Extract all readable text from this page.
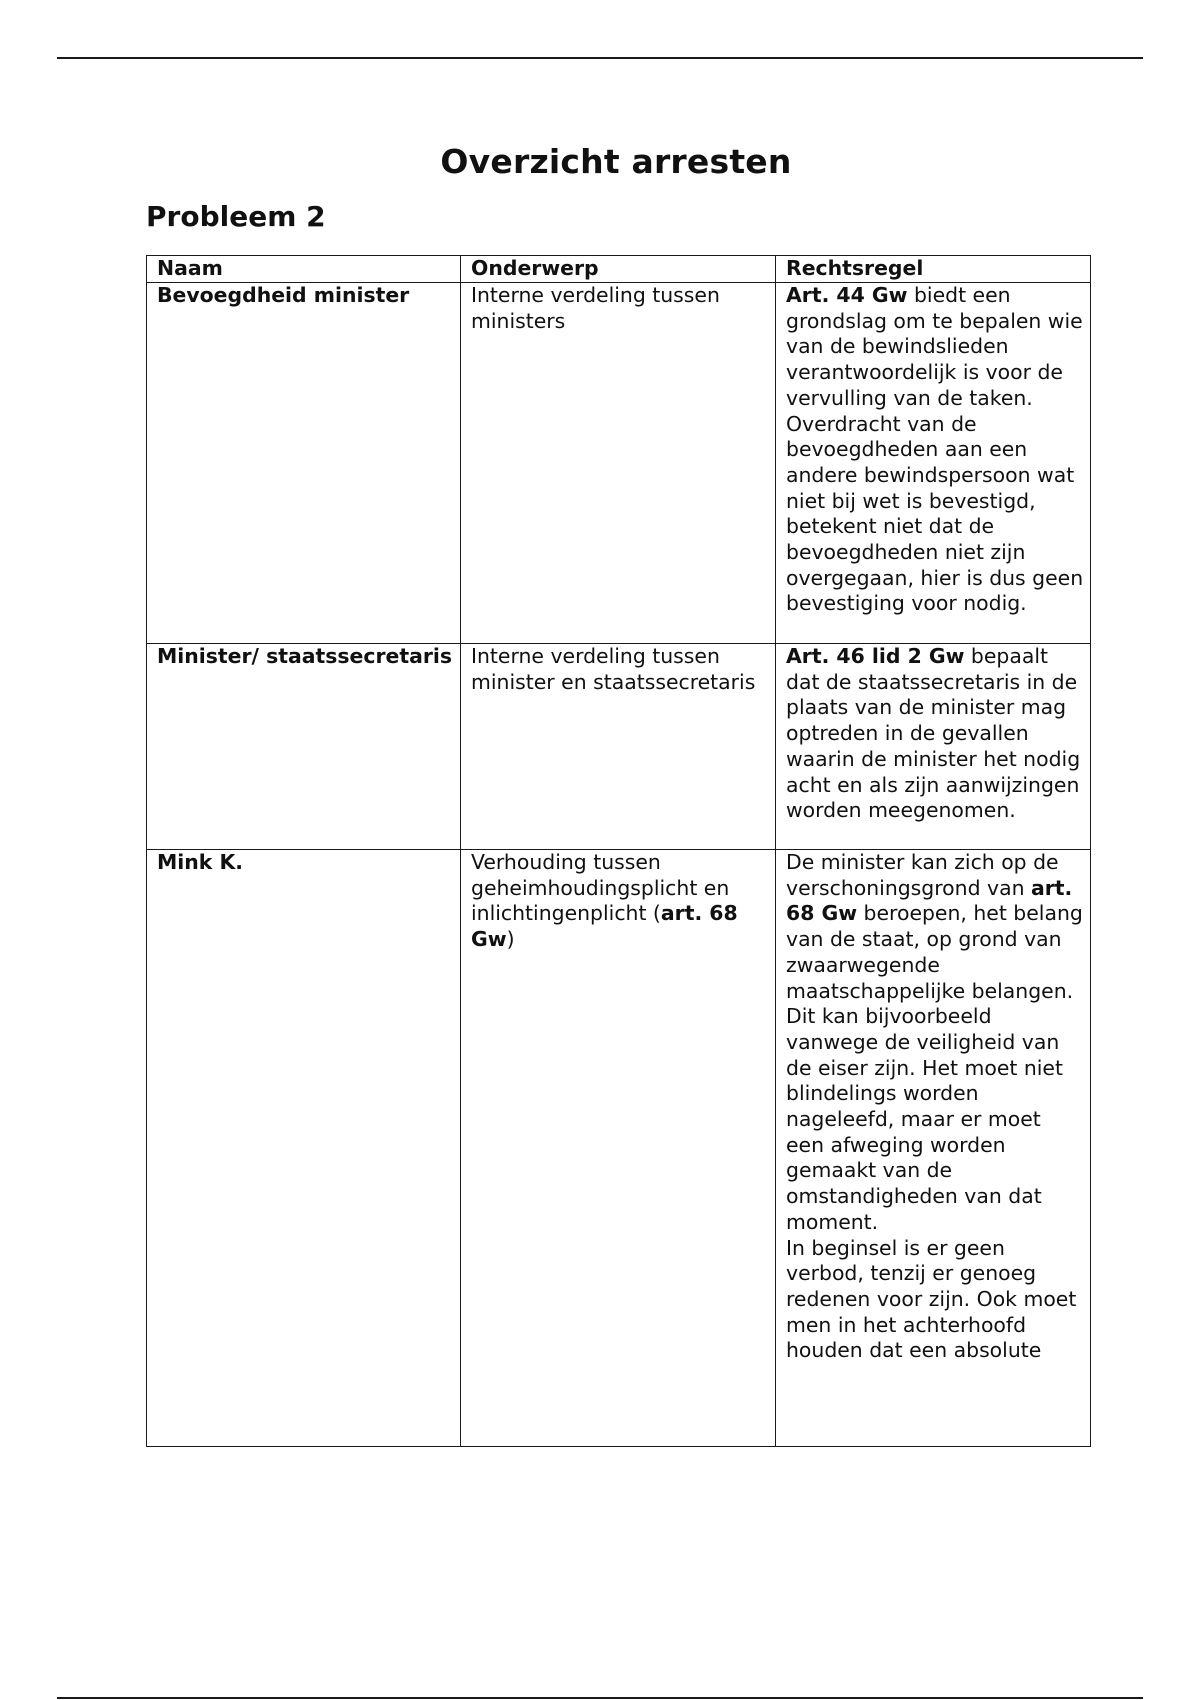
Overzicht arresten
Probleem 2
Naam	Onderwerp	Rechtsregel
Bevoegdheid minister	Interne verdeling tussen ministers	Art. 44 Gw biedt een grondslag om te bepalen wie van de bewindslieden verantwoordelijk is voor de vervulling van de taken. Overdracht van de bevoegdheden aan een andere bewindspersoon wat niet bij wet is bevestigd, betekent niet dat de bevoegdheden niet zijn overgegaan, hier is dus geen bevestiging voor nodig.
Minister/ staatssecretaris	Interne verdeling tussen minister en staatssecretaris	Art. 46 lid 2 Gw bepaalt dat de staatssecretaris in de plaats van de minister mag optreden in de gevallen waarin de minister het nodig acht en als zijn aanwijzingen worden meegenomen.
Mink K.	Verhouding tussen geheimhoudingsplicht en inlichtingenplicht (art. 68 Gw)	De minister kan zich op de verschoningsgrond van art. 68 Gw beroepen, het belang van de staat, op grond van zwaarwegende maatschappelijke belangen. Dit kan bijvoorbeeld vanwege de veiligheid van de eiser zijn. Het moet niet blindelings worden nageleefd, maar er moet een afweging worden gemaakt van de omstandigheden van dat moment.
In beginsel is er geen verbod, tenzij er genoeg redenen voor zijn. Ook moet men in het achterhoofd houden dat een absolute
